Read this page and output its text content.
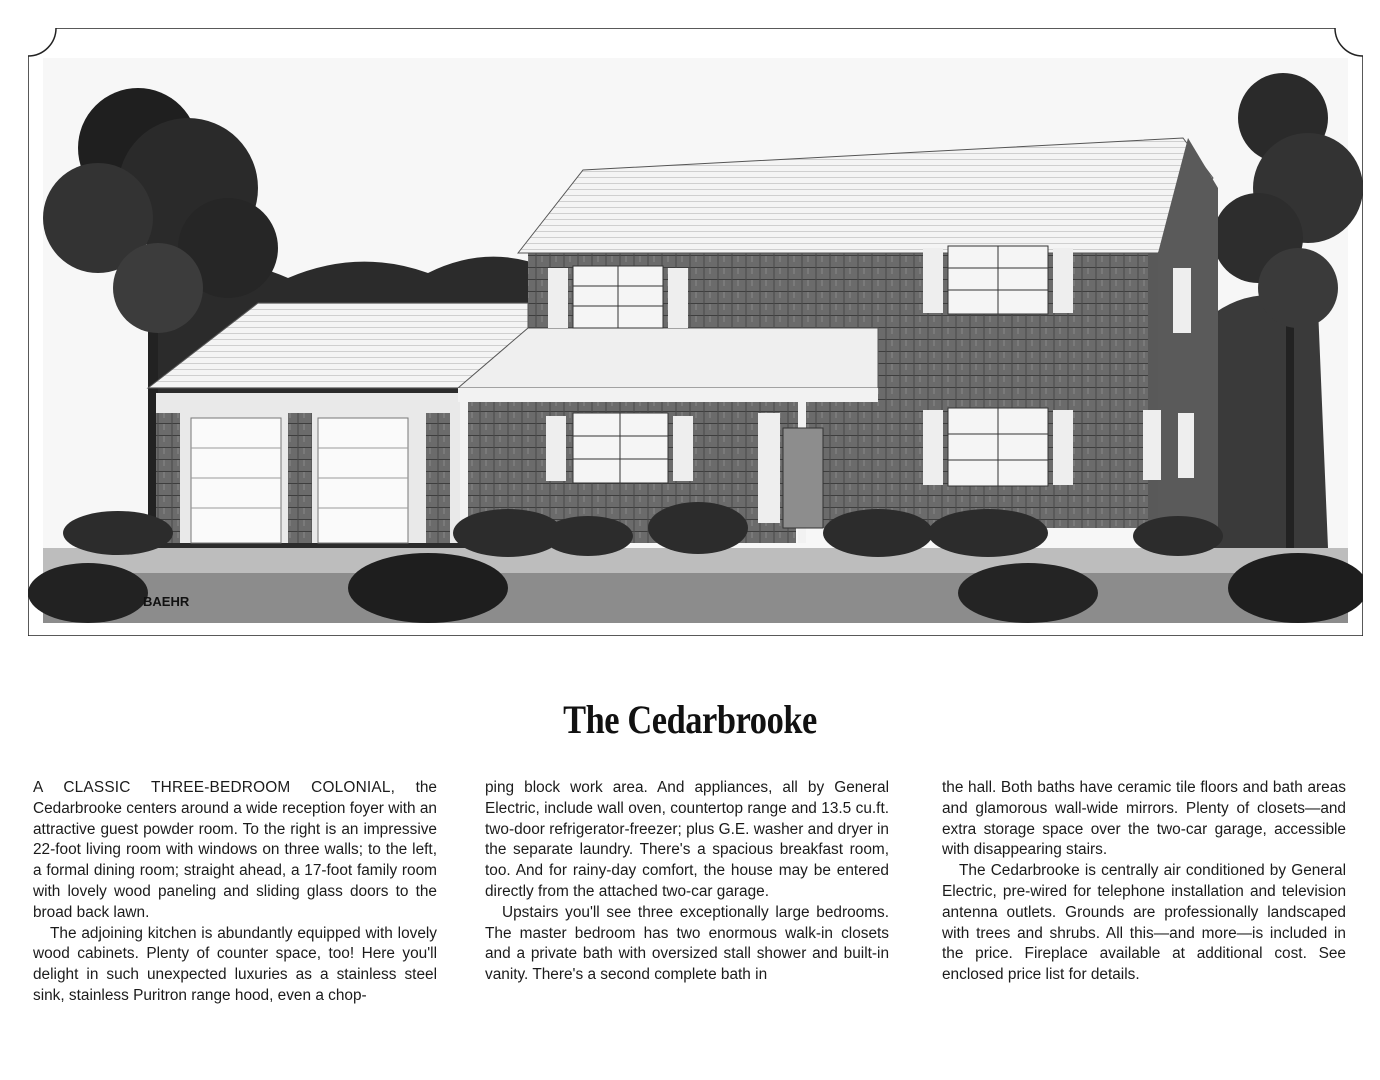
BAEHR
The Cedarbrooke

A CLASSIC THREE-BEDROOM COLONIAL, the Cedarbrooke centers around a wide reception foyer with an attractive guest powder room. To the right is an impressive 22-foot living room with windows on three walls; to the left, a formal dining room; straight ahead, a 17-foot family room with lovely wood paneling and sliding glass doors to the broad back lawn.

The adjoining kitchen is abundantly equipped with lovely wood cabinets. Plenty of counter space, too! Here you'll delight in such unexpected luxuries as a stainless steel sink, stainless Puritron range hood, even a chop-

ping block work area. And appliances, all by General Electric, include wall oven, countertop range and 13.5 cu.ft. two-door refrigerator-freezer; plus G.E. washer and dryer in the separate laundry. There's a spacious breakfast room, too. And for rainy-day comfort, the house may be entered directly from the attached two-car garage.

Upstairs you'll see three exceptionally large bedrooms. The master bedroom has two enormous walk-in closets and a private bath with oversized stall shower and built-in vanity. There's a second complete bath in

the hall. Both baths have ceramic tile floors and bath areas and glamorous wall-wide mirrors. Plenty of closets—and extra storage space over the two-car garage, accessible with disappearing stairs.

The Cedarbrooke is centrally air conditioned by General Electric, pre-wired for telephone installation and television antenna outlets. Grounds are professionally landscaped with trees and shrubs. All this—and more—is included in the price. Fireplace available at additional cost. See enclosed price list for details.
